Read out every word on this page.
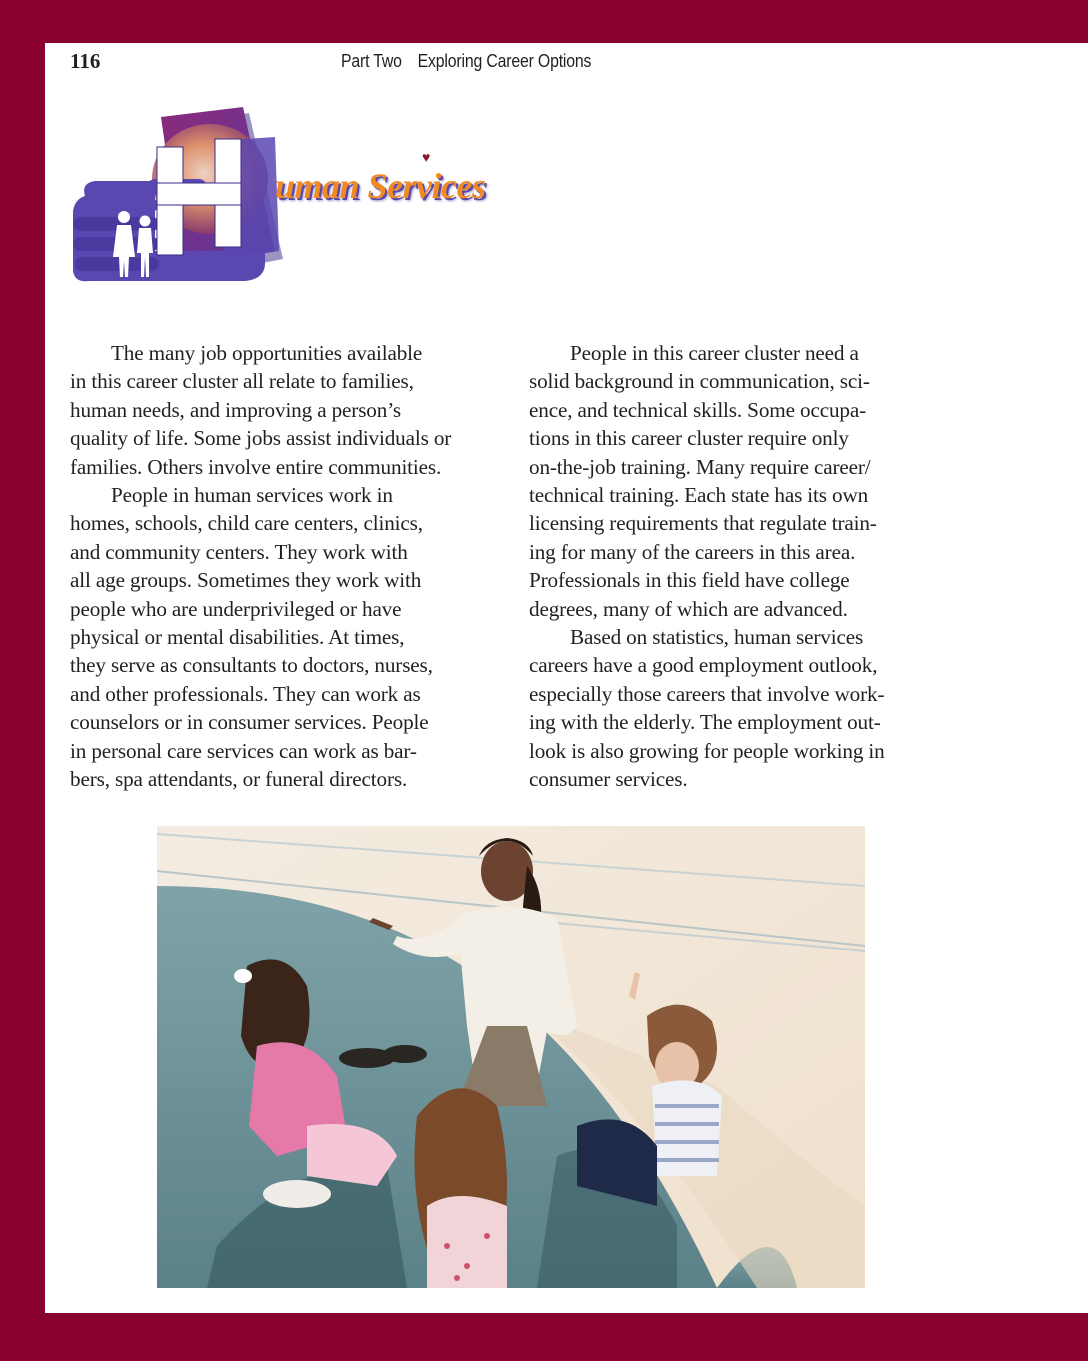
116	Part Two Exploring Career Options
♥
uman Services
The many job opportunities available
in this career cluster all relate to families,
human needs, and improving a person’s
quality of life. Some jobs assist individuals or
families. Others involve entire communities.
People in human services work in
homes, schools, child care centers, clinics,
and community centers. They work with
all age groups. Sometimes they work with
people who are underprivileged or have
physical or mental disabilities. At times,
they serve as consultants to doctors, nurses,
and other professionals. They can work as
counselors or in consumer services. People
in personal care services can work as bar-
bers, spa attendants, or funeral directors.
People in this career cluster need a
solid background in communication, sci-
ence, and technical skills. Some occupa-
tions in this career cluster require only
on-the-job training. Many require career/
technical training. Each state has its own
licensing requirements that regulate train-
ing for many of the careers in this area.
Professionals in this field have college
degrees, many of which are advanced.
Based on statistics, human services
careers have a good employment outlook,
especially those careers that involve work-
ing with the elderly. The employment out-
look is also growing for people working in
consumer services.
